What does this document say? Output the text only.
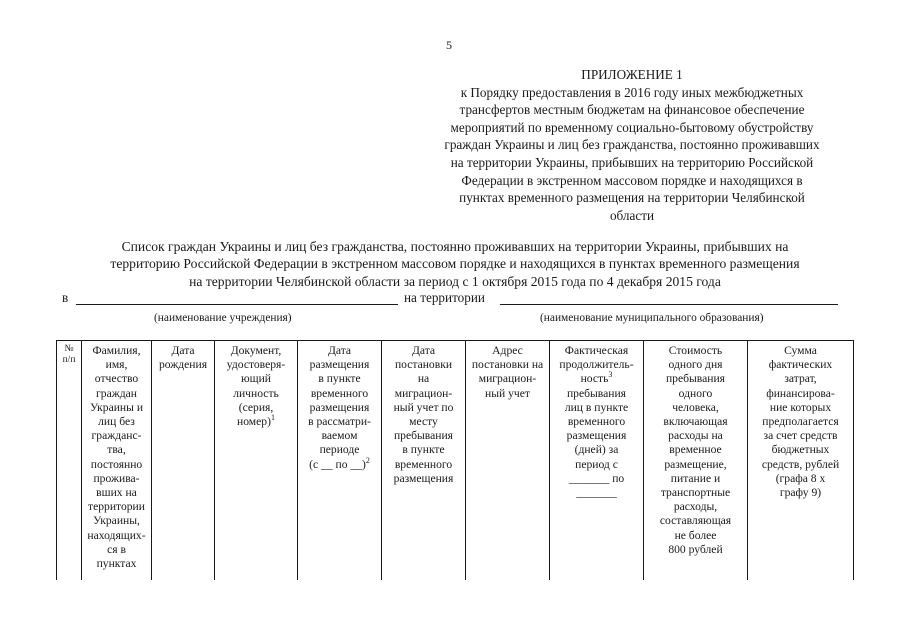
5
ПРИЛОЖЕНИЕ 1
к Порядку предоставления в 2016 году иных межбюджетных
трансфертов местным бюджетам на финансовое обеспечение
мероприятий по временному социально-бытовому обустройству
граждан Украины и лиц без гражданства, постоянно проживавших
на территории Украины, прибывших на территорию Российской
Федерации в экстренном массовом порядке и находящихся в
пунктах временного размещения на территории Челябинской
области
Список граждан Украины и лиц без гражданства, постоянно проживавших на территории Украины, прибывших на
территорию Российской Федерации в экстренном массовом порядке и находящихся в пунктах временного размещения
на территории Челябинской области за период с 1 октября 2015 года по 4 декабря 2015 года
в	на территории
(наименование учреждения)	(наименование муниципального образования)
№
п/п

Фамилия,
имя,
отчество
граждан
Украины и
лиц без
гражданс-
тва,
постоянно
прожива-
вших на
территории
Украины,
находящих-
ся в
пунктах

Дата
рождения

Документ,
удостоверя-
ющий
личность
(серия,
номер)$^1$

Дата
размещения
в пункте
временного
размещения
в рассматри-
ваемом
периоде
(с __ по __)$^2$

Дата
постановки
на
миграцион-
ный учет по
месту
пребывания
в пункте
временного
размещения

Адрес
постановки на
миграцион-
ный учет

Фактическая
продолжитель-
ность$^3$
пребывания
лиц в пункте
временного
размещения
(дней) за
период с
_______ по
_______

Стоимость
одного дня
пребывания
одного
человека,
включающая
расходы на
временное
размещение,
питание и
транспортные
расходы,
составляющая
не более
800 рублей

Сумма
фактических
затрат,
финансирова-
ние которых
предполагается
за счет средств
бюджетных
средств, рублей
(графа 8 х
графу 9)
